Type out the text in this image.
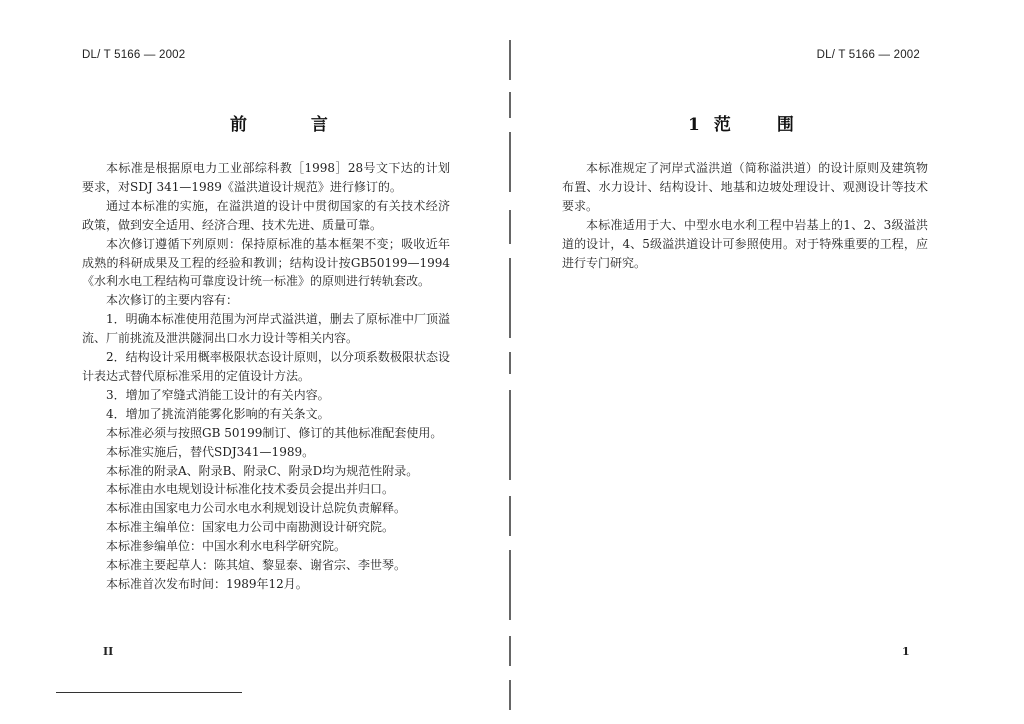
DL/ T 5166 — 2002
前 言

本标准是根据原电力工业部综科教［1998］28号文下达的计划要求，对SDJ 341—1989《溢洪道设计规范》进行修订的。

通过本标准的实施，在溢洪道的设计中贯彻国家的有关技术经济政策，做到安全适用、经济合理、技术先进、质量可靠。

本次修订遵循下列原则：保持原标准的基本框架不变；吸收近年成熟的科研成果及工程的经验和教训；结构设计按GB50199—1994《水利水电工程结构可靠度设计统一标准》的原则进行转轨套改。

本次修订的主要内容有：

1．明确本标准使用范围为河岸式溢洪道，删去了原标准中厂顶溢流、厂前挑流及泄洪隧洞出口水力设计等相关内容。

2．结构设计采用概率极限状态设计原则，以分项系数极限状态设计表达式替代原标准采用的定值设计方法。

3．增加了窄缝式消能工设计的有关内容。

4．增加了挑流消能雾化影响的有关条文。

本标准必须与按照GB 50199制订、修订的其他标准配套使用。

本标准实施后，替代SDJ341—1989。

本标准的附录A、附录B、附录C、附录D均为规范性附录。

本标准由水电规划设计标准化技术委员会提出并归口。

本标准由国家电力公司水电水利规划设计总院负责解释。

本标准主编单位：国家电力公司中南勘测设计研究院。

本标准参编单位：中国水利水电科学研究院。

本标准主要起草人：陈其煊、黎显泰、谢省宗、李世琴。

本标准首次发布时间：1989年12月。

II
DL/ T 5166 — 2002
1 范	围

本标准规定了河岸式溢洪道（简称溢洪道）的设计原则及建筑物布置、水力设计、结构设计、地基和边坡处理设计、观测设计等技术要求。

本标准适用于大、中型水电水利工程中岩基上的1、2、3级溢洪道的设计，4、5级溢洪道设计可参照使用。对于特殊重要的工程，应进行专门研究。

1
